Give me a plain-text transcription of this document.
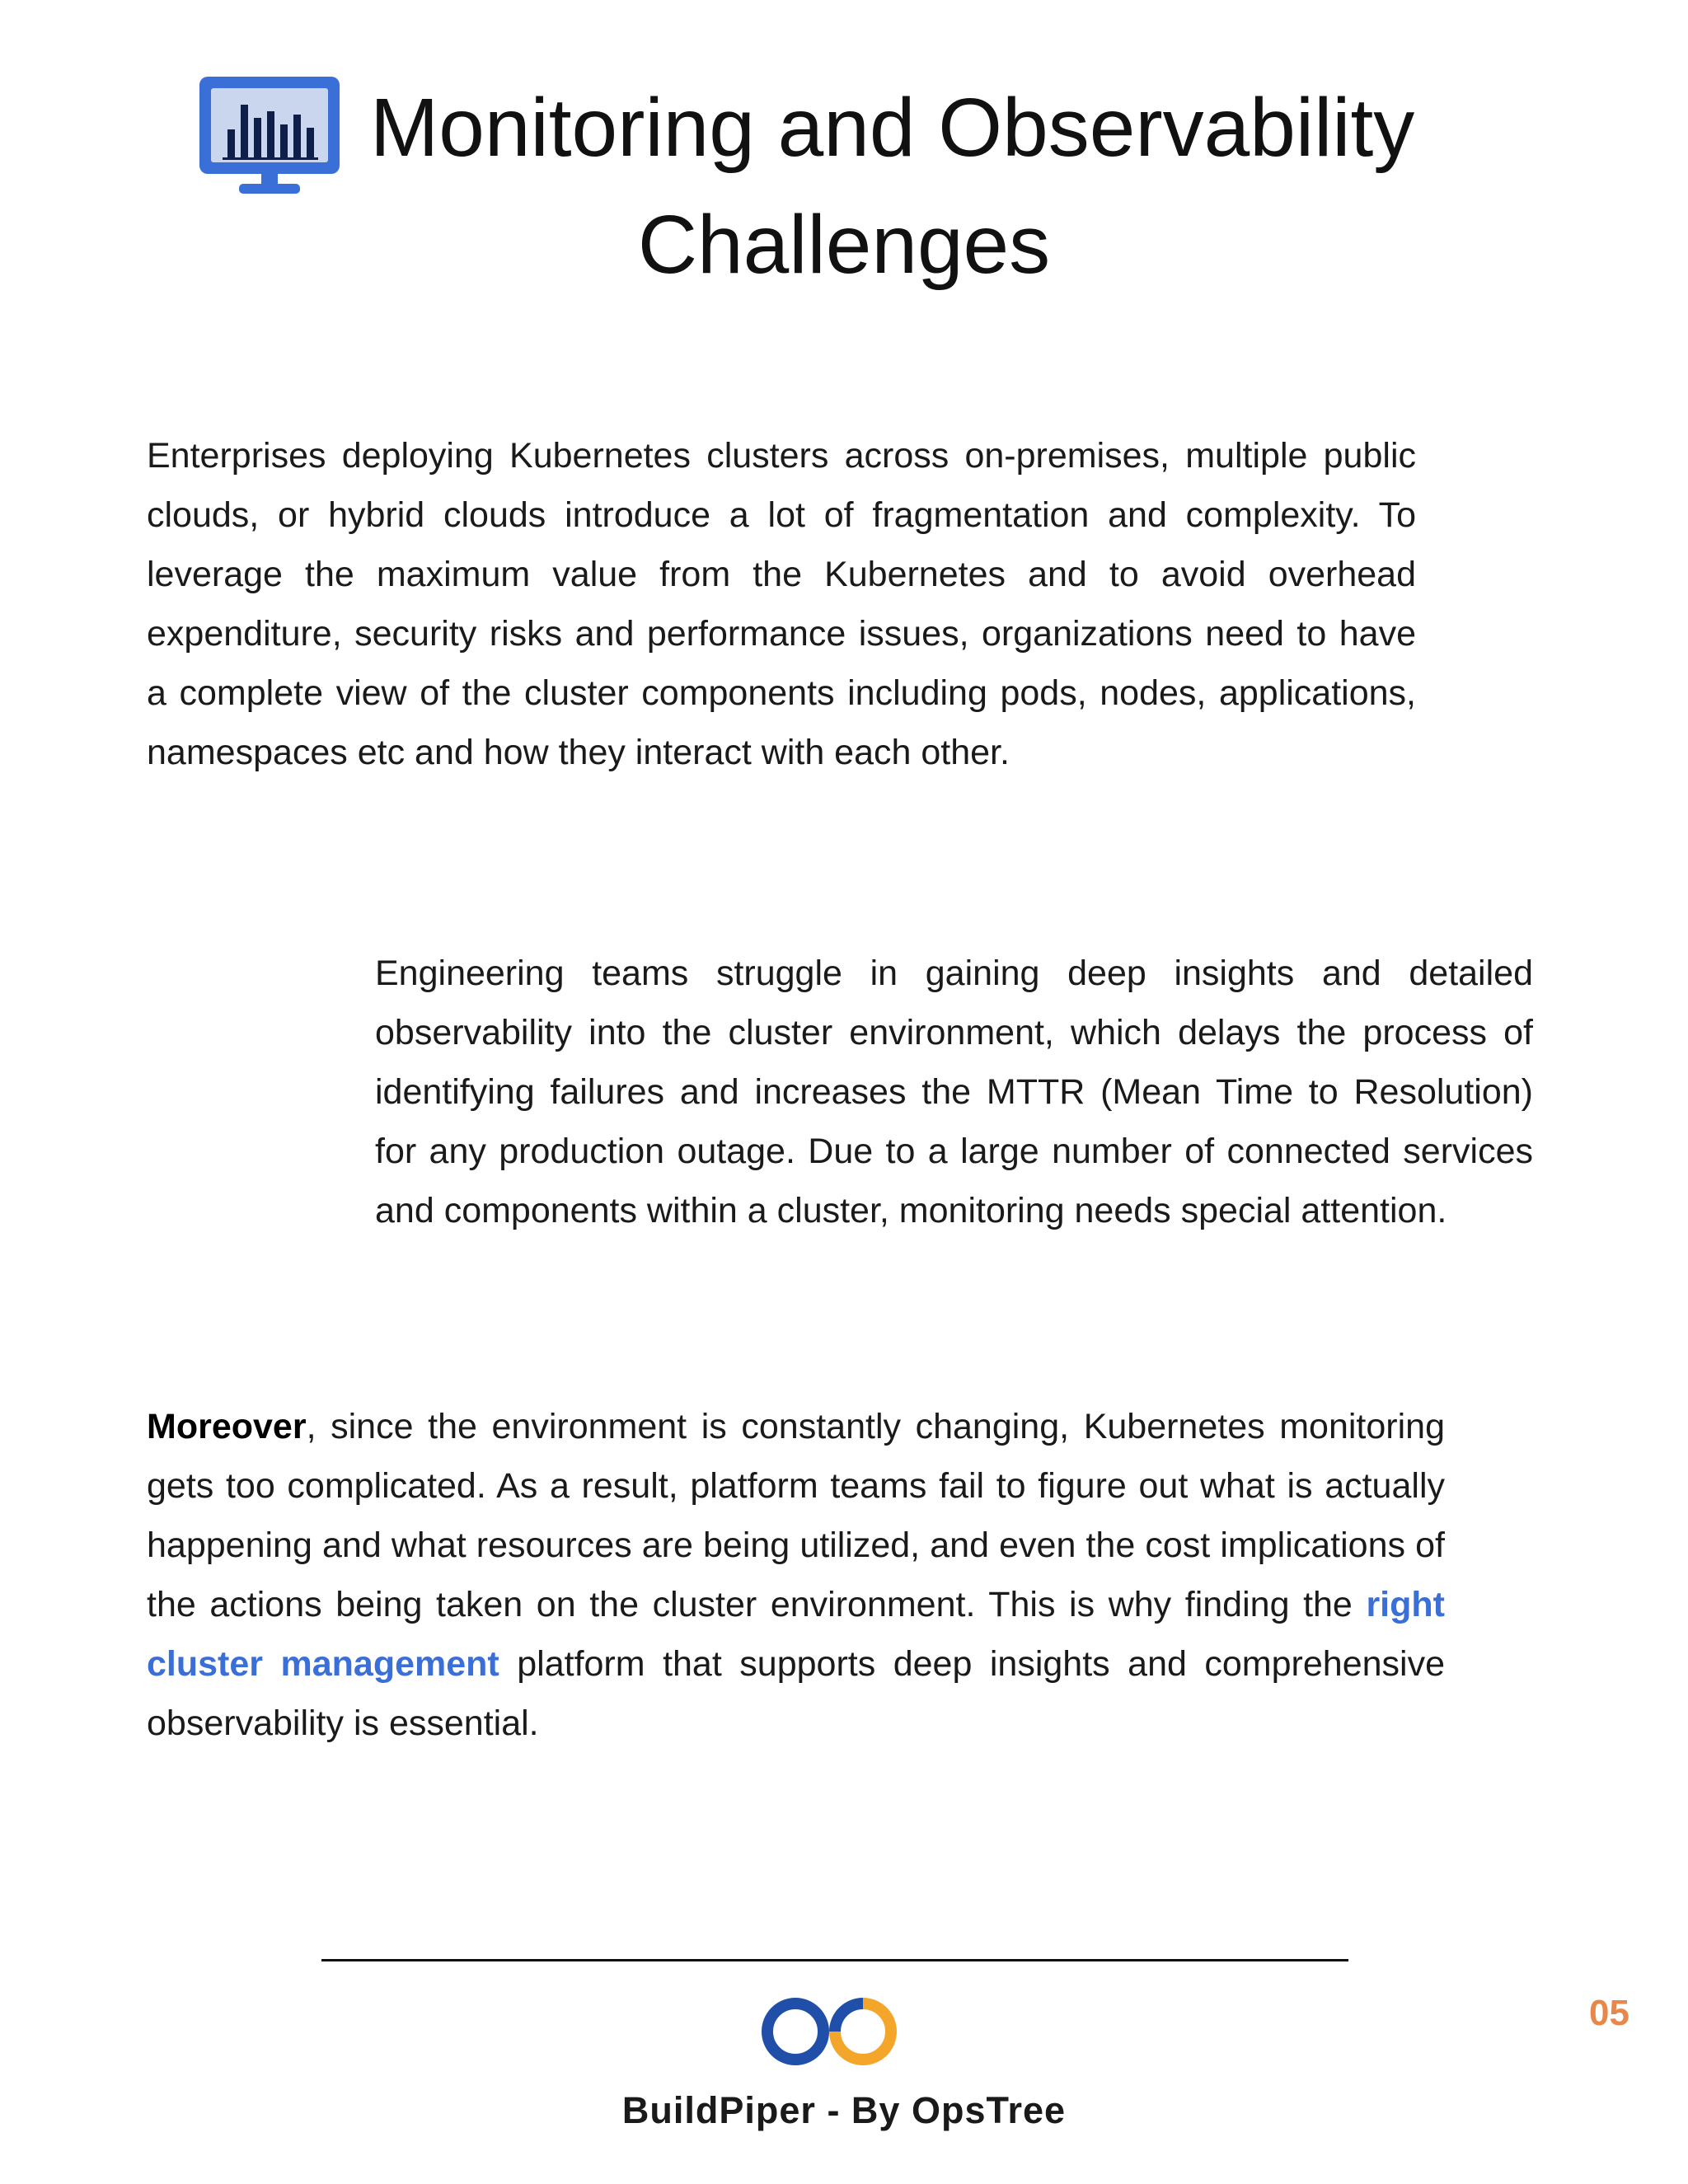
Monitoring and Observability
Challenges

Enterprises deploying Kubernetes clusters across on-premises, multiple public clouds, or hybrid clouds introduce a lot of fragmentation and complexity. To leverage the maximum value from the Kubernetes and to avoid overhead expenditure, security risks and performance issues, organizations need to have a complete view of the cluster components including pods, nodes, applications, namespaces etc and how they interact with each other.

Engineering teams struggle in gaining deep insights and detailed observability into the cluster environment, which delays the process of identifying failures and increases the MTTR (Mean Time to Resolution) for any production outage. Due to a large number of connected services and components within a cluster, monitoring needs special attention.

Moreover, since the environment is constantly changing, Kubernetes monitoring gets too complicated. As a result, platform teams fail to figure out what is actually happening and what resources are being utilized, and even the cost implications of the actions being taken on the cluster environment. This is why finding the right cluster management platform that supports deep insights and comprehensive observability is essential.

BuildPiper - By OpsTree
05
